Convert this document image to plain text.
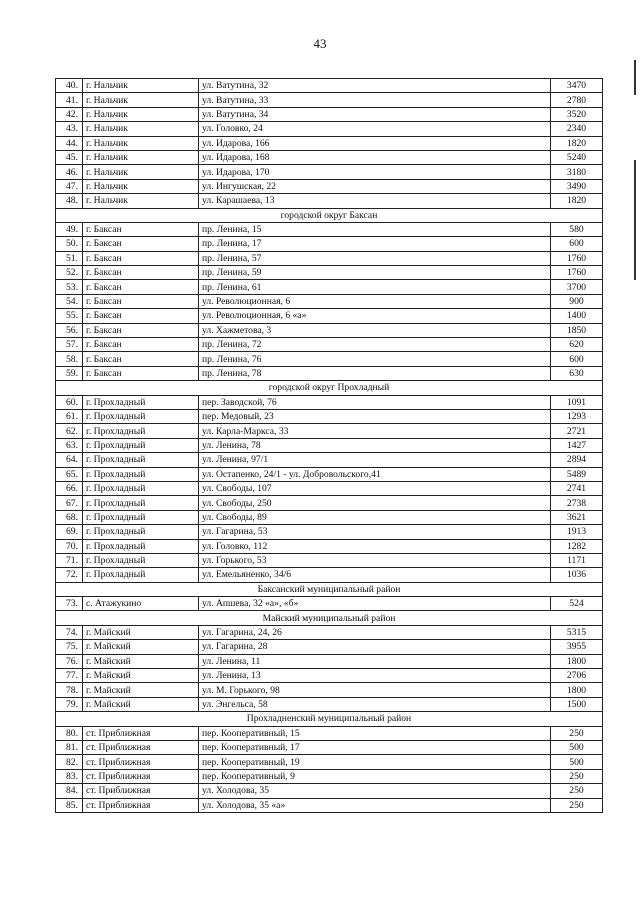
43
40.	г. Нальчик	ул. Ватутина, 32	3470
41.	г. Нальчик	ул. Ватутина, 33	2780
42.	г. Нальчик	ул. Ватутина, 34	3520
43.	г. Нальчик	ул. Головко, 24	2340
44.	г. Нальчик	ул. Идарова, 166	1820
45.	г. Нальчик	ул. Идарова, 168	5240
46.	г. Нальчик	ул. Идарова, 170	3180
47.	г. Нальчик	ул. Ингушская, 22	3490
48.	г. Нальчик	ул. Карашаева, 13	1820
городской округ Баксан			
49.	г. Баксан	пр. Ленина, 15	580
50.	г. Баксан	пр. Ленина, 17	600
51.	г. Баксан	пр. Ленина, 57	1760
52.	г. Баксан	пр. Ленина, 59	1760
53.	г. Баксан	пр. Ленина, 61	3700
54.	г. Баксан	ул. Революционная, 6	900
55.	г. Баксан	ул. Революционная, 6 «а»	1400
56.	г. Баксан	ул. Хажметова, 3	1850
57.	г. Баксан	пр. Ленина, 72	620
58.	г. Баксан	пр. Ленина, 76	600
59.	г. Баксан	пр. Ленина, 78	630
городской округ Прохладный			
60.	г. Прохладный	пер. Заводской, 76	1091
61.	г. Прохладный	пер. Медовый, 23	1293
62.	г. Прохладный	ул. Карла-Маркса, 33	2721
63.	г. Прохладный	ул. Ленина, 78	1427
64.	г. Прохладный	ул. Ленина, 97/1	2894
65.	г. Прохладный	ул. Остапенко, 24/1 - ул. Добровольского,41	5489
66.	г. Прохладный	ул. Свободы, 107	2741
67.	г. Прохладный	ул. Свободы, 250	2738
68.	г. Прохладный	ул. Свободы, 89	3621
69.	г. Прохладный	ул. Гагарина, 53	1913
70.	г. Прохладный	ул. Головко, 112	1282
71.	г. Прохладный	ул. Горького, 53	1171
72.	г. Прохладный	ул. Емельяненко, 34/6	1036
Баксанский муниципальный район			
73.	с. Атажукино	ул. Апшева, 32 «а», «б»	524
Майский муниципальный район			
74.	г. Майский	ул. Гагарина, 24, 26	5315
75.	г. Майский	ул. Гагарина, 28	3955
76.	г. Майский	ул. Ленина, 11	1800
77.	г. Майский	ул. Ленина, 13	2706
78.	г. Майский	ул. М. Горького, 98	1800
79.	г. Майский	ул. Энгельса, 58	1500
Прохладненский муниципальный район			
80.	ст. Приближная	пер. Кооперативный, 15	250
81.	ст. Приближная	пер. Кооперативный, 17	500
82.	ст. Приближная	пер. Кооперативный, 19	500
83.	ст. Приближная	пер. Кооперативный, 9	250
84.	ст. Приближная	ул. Холодова, 35	250
85.	ст. Приближная	ул. Холодова, 35 «а»	250
